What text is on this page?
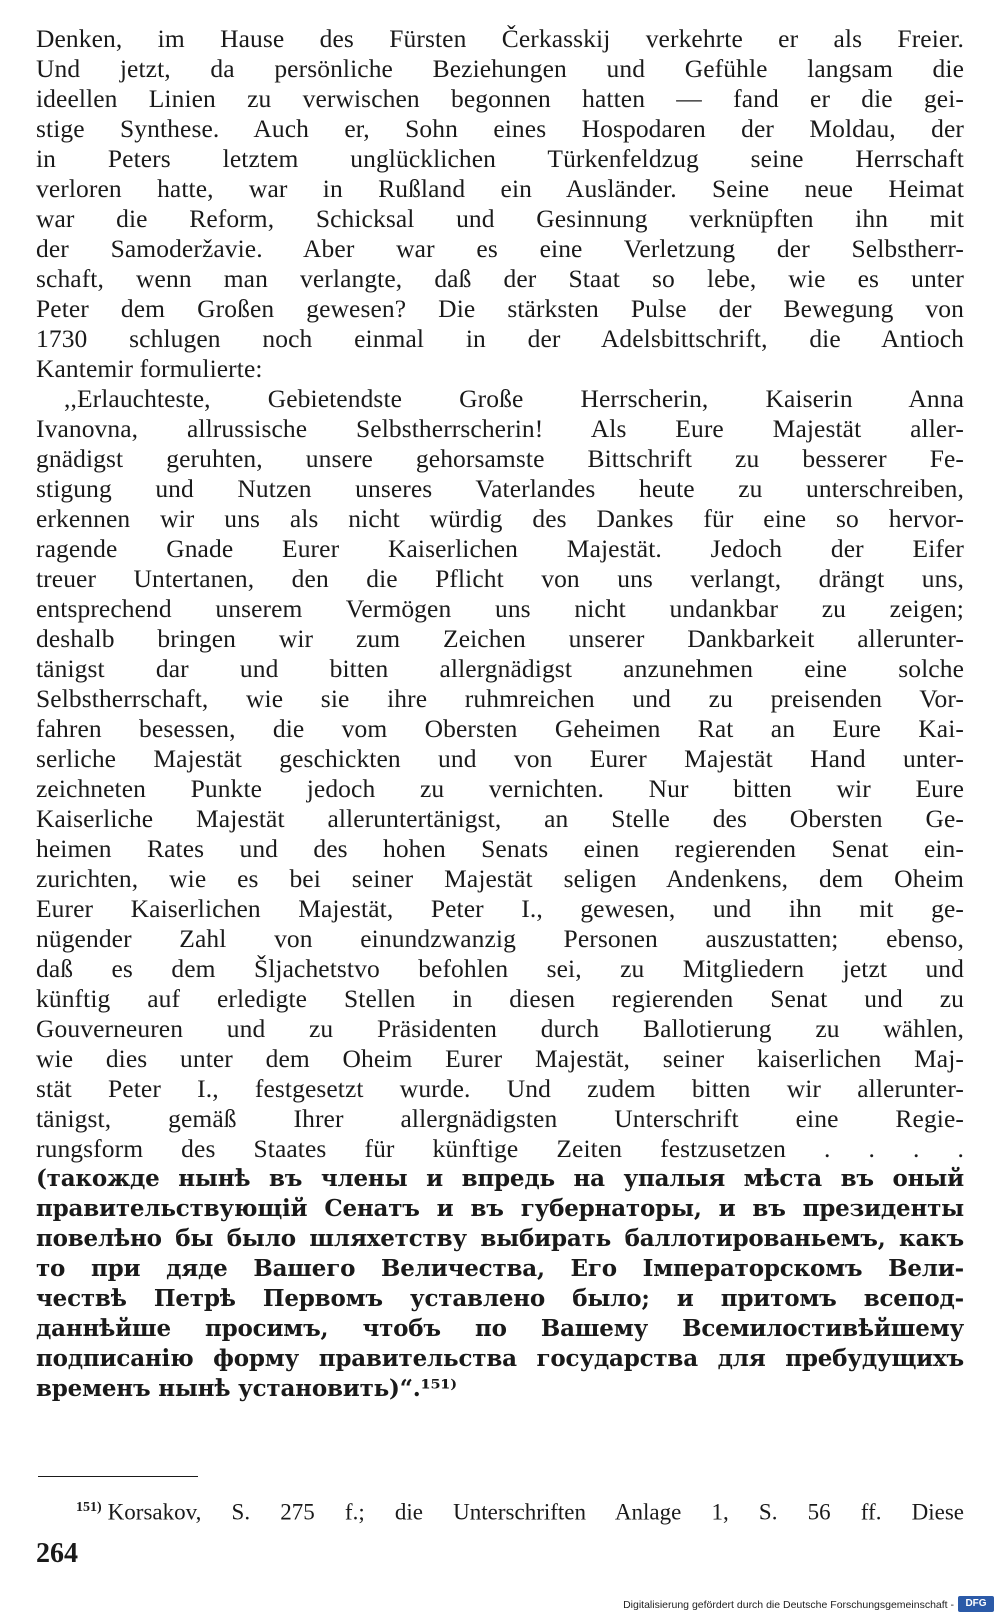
Denken, im Hause des Fürsten Čerkasskij verkehrte er als Freier.
Und jetzt, da persönliche Beziehungen und Gefühle langsam die
ideellen Linien zu verwischen begonnen hatten — fand er die gei-
stige Synthese. Auch er, Sohn eines Hospodaren der Moldau, der
in Peters letztem unglücklichen Türkenfeldzug seine Herrschaft
verloren hatte, war in Rußland ein Ausländer. Seine neue Heimat
war die Reform, Schicksal und Gesinnung verknüpften ihn mit
der Samoderžavie. Aber war es eine Verletzung der Selbstherr-
schaft, wenn man verlangte, daß der Staat so lebe, wie es unter
Peter dem Großen gewesen? Die stärksten Pulse der Bewegung von
1730 schlugen noch einmal in der Adelsbittschrift, die Antioch
Kantemir formulierte:
,,Erlauchteste, Gebietendste Große Herrscherin, Kaiserin Anna
Ivanovna, allrussische Selbstherrscherin! Als Eure Majestät aller-
gnädigst geruhten, unsere gehorsamste Bittschrift zu besserer Fe-
stigung und Nutzen unseres Vaterlandes heute zu unterschreiben,
erkennen wir uns als nicht würdig des Dankes für eine so hervor-
ragende Gnade Eurer Kaiserlichen Majestät. Jedoch der Eifer
treuer Untertanen, den die Pflicht von uns verlangt, drängt uns,
entsprechend unserem Vermögen uns nicht undankbar zu zeigen;
deshalb bringen wir zum Zeichen unserer Dankbarkeit allerunter-
tänigst dar und bitten allergnädigst anzunehmen eine solche
Selbstherrschaft, wie sie ihre ruhmreichen und zu preisenden Vor-
fahren besessen, die vom Obersten Geheimen Rat an Eure Kai-
serliche Majestät geschickten und von Eurer Majestät Hand unter-
zeichneten Punkte jedoch zu vernichten. Nur bitten wir Eure
Kaiserliche Majestät alleruntertänigst, an Stelle des Obersten Ge-
heimen Rates und des hohen Senats einen regierenden Senat ein-
zurichten, wie es bei seiner Majestät seligen Andenkens, dem Oheim
Eurer Kaiserlichen Majestät, Peter I., gewesen, und ihn mit ge-
nügender Zahl von einundzwanzig Personen auszustatten; ebenso,
daß es dem Šljachetstvo befohlen sei, zu Mitgliedern jetzt und
künftig auf erledigte Stellen in diesen regierenden Senat und zu
Gouverneuren und zu Präsidenten durch Ballotierung zu wählen,
wie dies unter dem Oheim Eurer Majestät, seiner kaiserlichen Maj-
stät Peter I., festgesetzt wurde. Und zudem bitten wir allerunter-
tänigst, gemäß Ihrer allergnädigsten Unterschrift eine Regie-
rungsform des Staates für künftige Zeiten festzusetzen . . . .
(такожде нынѣ въ члены и впредь на упалыя мѣста въ оный
правительствующій Сенатъ и въ губернаторы, и въ президенты
повелѣно бы было шляхетству выбирать баллотированьемъ, какъ
то при дяде Вашего Величества, Его Імператорскомъ Вели-
чествѣ Петрѣ Первомъ уставлено было; и притомъ всепод-
даннѣйше просимъ, чтобъ по Вашему Всемилостивѣйшему
подписанію форму правительства государства для пребудущихъ
временъ нынѣ установить)“.¹⁵¹⁾
$^{151)}$ Korsakov, S. 275 f.; die Unterschriften Anlage 1, S. 56 ff. Diese
264
Digitalisierung gefördert durch die Deutsche Forschungsgemeinschaft -	DFG
